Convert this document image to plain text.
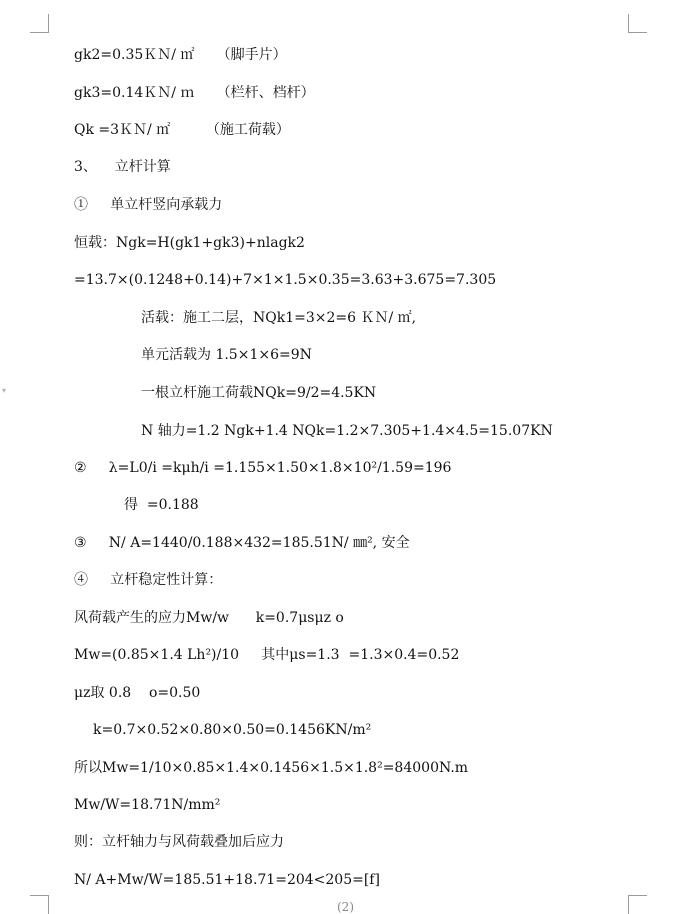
▾
gk2=0.35ＫＮ/ ㎡     （脚手片）
gk3=0.14ＫＮ/ ｍ     （栏杆、档杆）
Qk =3ＫＮ/ ㎡        （施工荷载）
3、    立杆计算
①     单立杆竖向承载力
恒载：Ngk=H(gk1+gk3)+nlagk2
=13.7×(0.1248+0.14)+7×1×1.5×0.35=3.63+3.675=7.305
活载：施工二层，NQk1=3×2=6 ＫＮ/ ㎡,
单元活载为 1.5×1×6=9N
一根立杆施工荷载NQk=9/2=4.5KN
N 轴力=1.2 Ngk+1.4 NQk=1.2×7.305+1.4×4.5=15.07KN
②     λ=L0/i =kμh/i =1.155×1.50×1.8×10²/1.59=196
得  =0.188
③     N/ A=1440/0.188×432=185.51N/ ㎜², 安全
④     立杆稳定性计算：
风荷载产生的应力Mw/w      k=0.7μsμz ο
Mw=(0.85×1.4 Lh²)/10     其中μs=1.3  =1.3×0.4=0.52
μz取 0.8    ο=0.50
k=0.7×0.52×0.80×0.50=0.1456KN/m²
所以Mw=1/10×0.85×1.4×0.1456×1.5×1.8²=84000N.m
Mw/W=18.71N/mm²
则：立杆轴力与风荷载叠加后应力
N/ A+Mw/W=185.51+18.71=204<205=[f]
(2)
